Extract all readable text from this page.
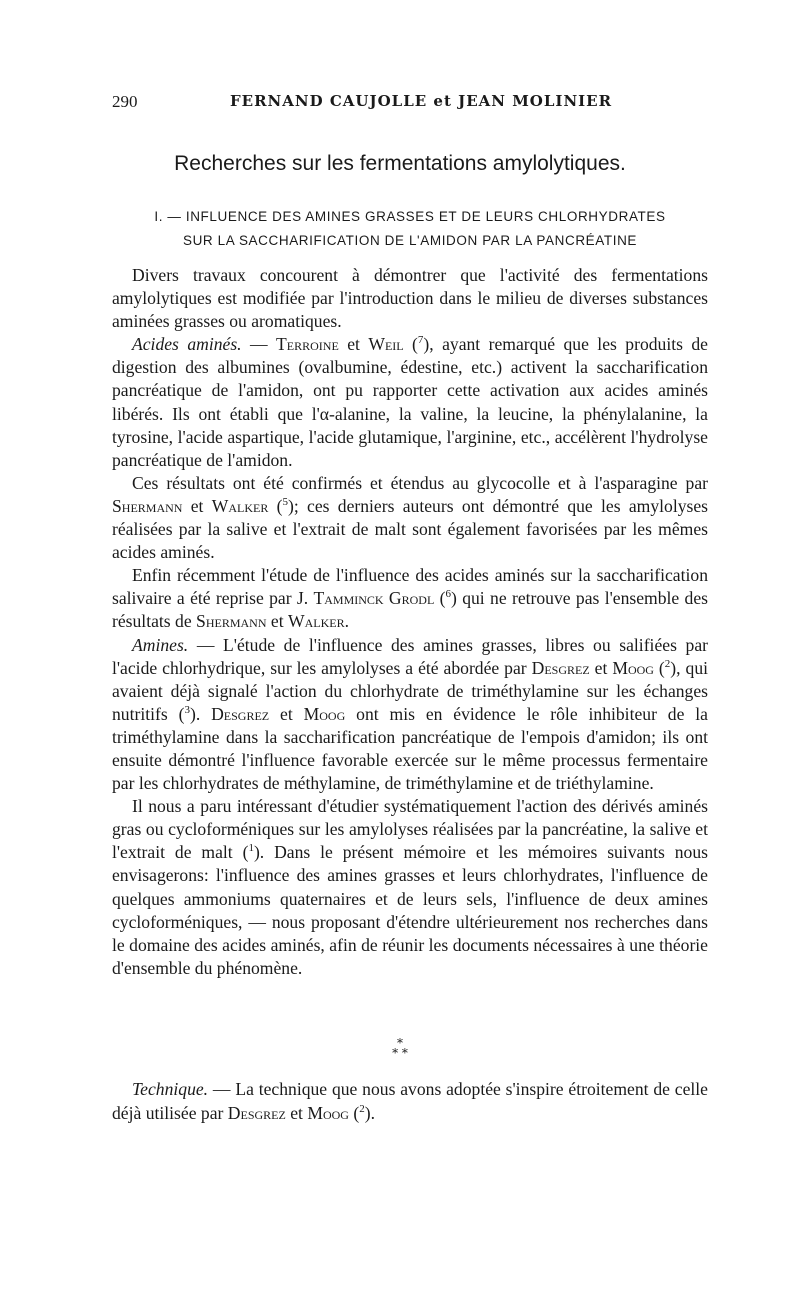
290	FERNAND CAUJOLLE et JEAN MOLINIER
Recherches sur les fermentations amylolytiques.
I. — INFLUENCE DES AMINES GRASSES ET DE LEURS CHLORHYDRATES
SUR LA SACCHARIFICATION DE L'AMIDON PAR LA PANCRÉATINE

Divers travaux concourent à démontrer que l'activité des fermentations amylolytiques est modifiée par l'introduction dans le milieu de diverses substances aminées grasses ou aromatiques.

Acides aminés. — Terroine et Weil ($^7$), ayant remarqué que les produits de digestion des albumines (ovalbumine, édestine, etc.) activent la saccharification pancréatique de l'amidon, ont pu rapporter cette activation aux acides aminés libérés. Ils ont établi que l'α-alanine, la valine, la leucine, la phénylalanine, la tyrosine, l'acide aspartique, l'acide glutamique, l'arginine, etc., accélèrent l'hydrolyse pancréatique de l'amidon.

Ces résultats ont été confirmés et étendus au glycocolle et à l'asparagine par Shermann et Walker ($^5$); ces derniers auteurs ont démontré que les amylolyses réalisées par la salive et l'extrait de malt sont également favorisées par les mêmes acides aminés.

Enfin récemment l'étude de l'influence des acides aminés sur la saccharification salivaire a été reprise par J. Tamminck Grodl ($^6$) qui ne retrouve pas l'ensemble des résultats de Shermann et Walker.

Amines. — L'étude de l'influence des amines grasses, libres ou salifiées par l'acide chlorhydrique, sur les amylolyses a été abordée par Desgrez et Moog ($^2$), qui avaient déjà signalé l'action du chlorhydrate de triméthylamine sur les échanges nutritifs ($^3$). Desgrez et Moog ont mis en évidence le rôle inhibiteur de la triméthylamine dans la saccharification pancréatique de l'empois d'amidon; ils ont ensuite démontré l'influence favorable exercée sur le même processus fermentaire par les chlorhydrates de méthylamine, de triméthylamine et de triéthylamine.

Il nous a paru intéressant d'étudier systématiquement l'action des dérivés aminés gras ou cycloforméniques sur les amylolyses réalisées par la pancréatine, la salive et l'extrait de malt ($^1$). Dans le présent mémoire et les mémoires suivants nous envisagerons: l'influence des amines grasses et leurs chlorhydrates, l'influence de quelques ammoniums quaternaires et de leurs sels, l'influence de deux amines cycloforméniques, — nous proposant d'étendre ultérieurement nos recherches dans le domaine des acides aminés, afin de réunir les documents nécessaires à une théorie d'ensemble du phénomène.

*
* *

Technique. — La technique que nous avons adoptée s'inspire étroitement de celle déjà utilisée par Desgrez et Moog ($^2$).
